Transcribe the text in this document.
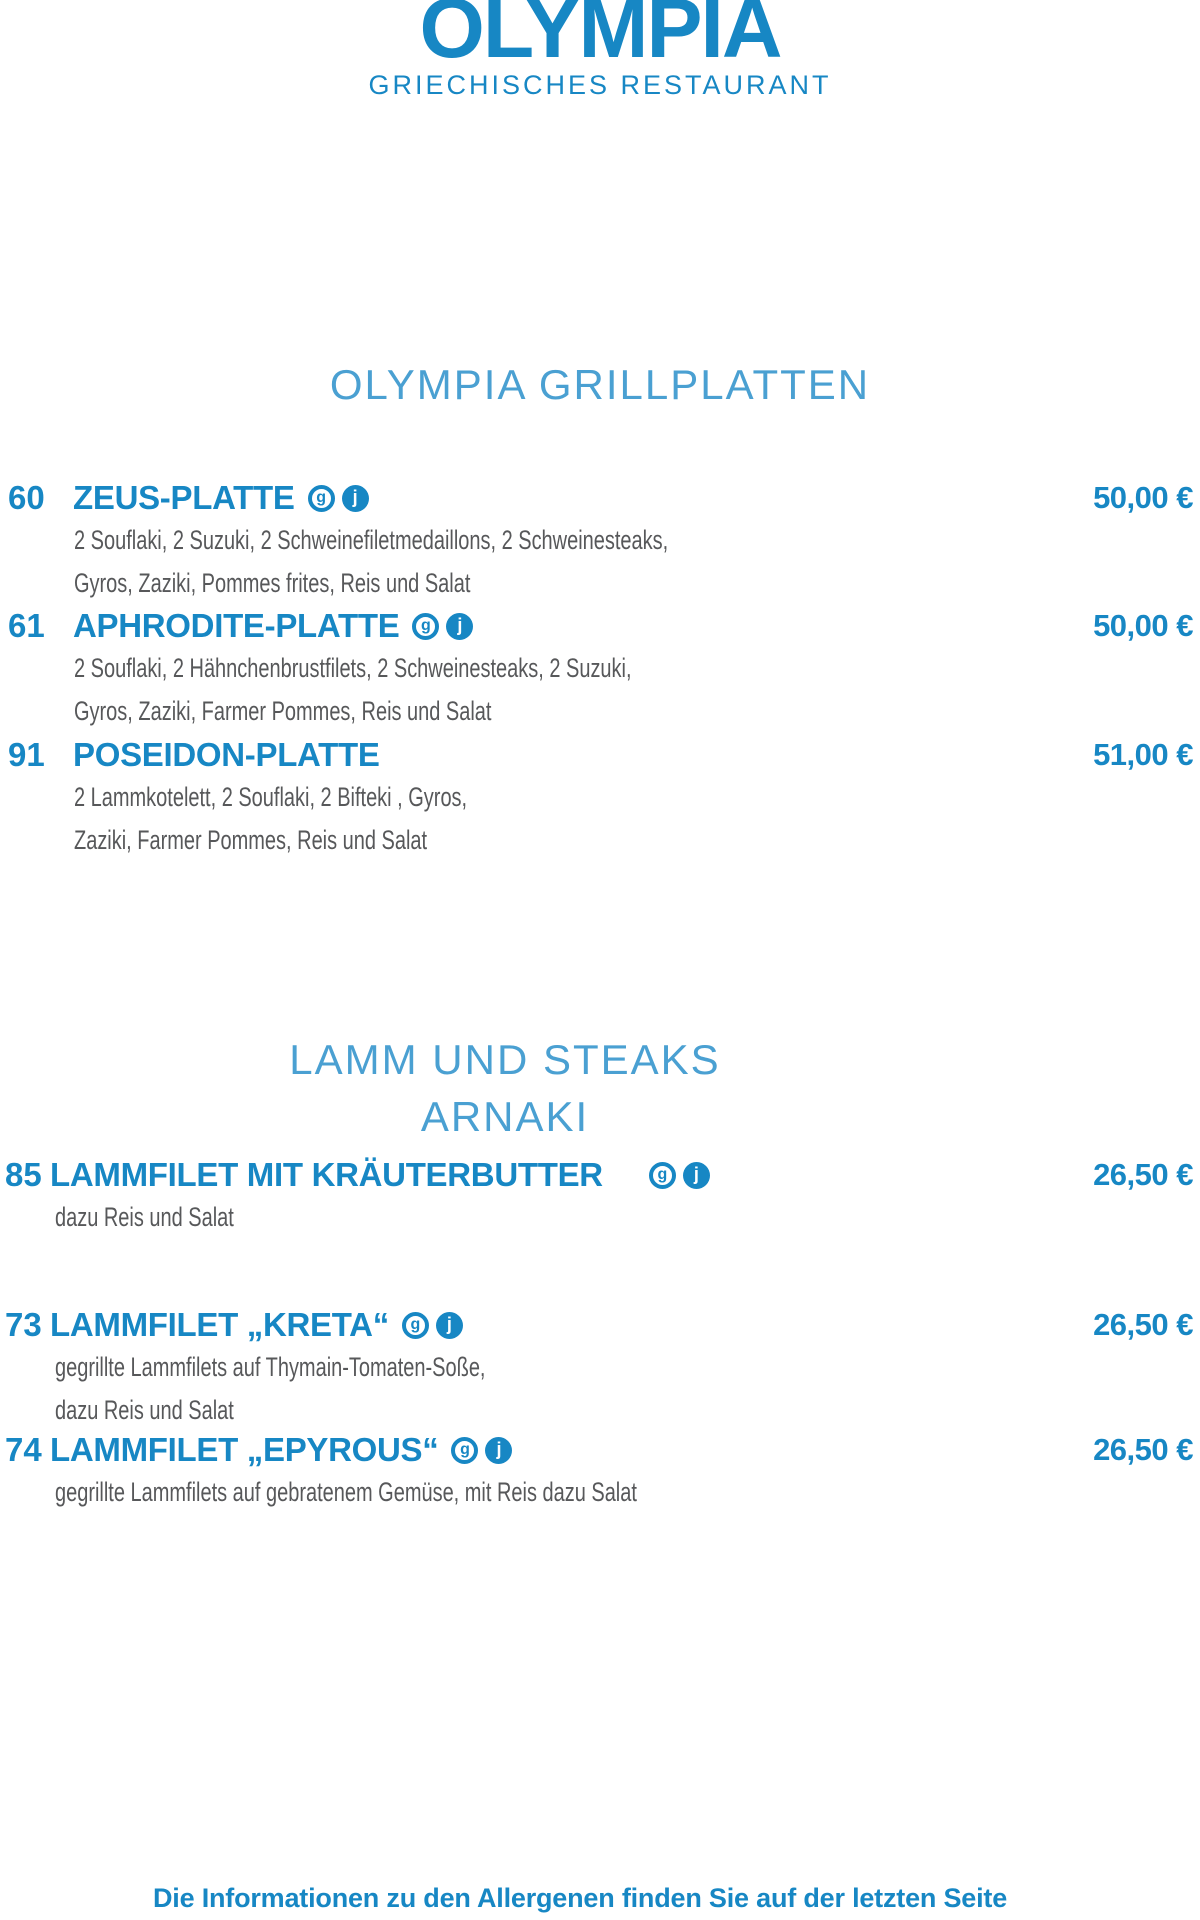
OLYMPIA
GRIECHISCHES RESTAURANT
OLYMPIA GRILLPLATTEN
60 ZEUS-PLATTE	g	j	50,00 €
2 Souflaki, 2 Suzuki, 2 Schweinefiletmedaillons, 2 Schweinesteaks,
Gyros, Zaziki, Pommes frites, Reis und Salat
61 APHRODITE-PLATTE	g	j	50,00 €
2 Souflaki, 2 Hähnchenbrustfilets, 2 Schweinesteaks, 2 Suzuki,
Gyros, Zaziki, Farmer Pommes, Reis und Salat
91 POSEIDON-PLATTE	51,00 €
2 Lammkotelett, 2 Souflaki, 2 Bifteki , Gyros,
Zaziki, Farmer Pommes, Reis und Salat
LAMM UND STEAKS
ARNAKI
85 LAMMFILET MIT KRÄUTERBUTTER	g	j	26,50 €
dazu Reis und Salat
73 LAMMFILET „KRETA“	g	j	26,50 €
gegrillte Lammfilets auf Thymain-Tomaten-Soße,
dazu Reis und Salat
74 LAMMFILET „EPYROUS“	g	j	26,50 €
gegrillte Lammfilets auf gebratenem Gemüse, mit Reis dazu Salat
Die Informationen zu den Allergenen finden Sie auf der letzten Seite
